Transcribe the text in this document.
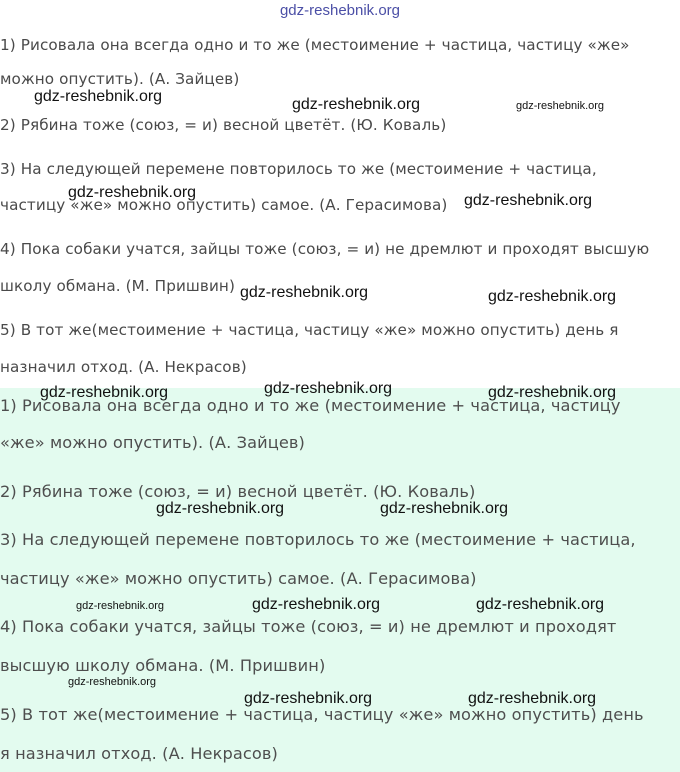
1) Рисовала она всегда одно и то же (местоимение + частица, частицу «же»
можно опустить). (А. Зайцев)
2) Рябина тоже (союз, = и) весной цветёт. (Ю. Коваль)
3) На следующей перемене повторилось то же (местоимение + частица,
частицу «же» можно опустить) самое. (А. Герасимова)
4) Пока собаки учатся, зайцы тоже (союз, = и) не дремлют и проходят высшую
школу обмана. (М. Пришвин)
5) В тот же(местоимение + частица, частицу «же» можно опустить) день я
назначил отход. (А. Некрасов)
1) Рисовала она всегда одно и то же (местоимение + частица, частицу
«же» можно опустить). (А. Зайцев)
2) Рябина тоже (союз, = и) весной цветёт. (Ю. Коваль)
3) На следующей перемене повторилось то же (местоимение + частица,
частицу «же» можно опустить) самое. (А. Герасимова)
4) Пока собаки учатся, зайцы тоже (союз, = и) не дремлют и проходят
высшую школу обмана. (М. Пришвин)
5) В тот же(местоимение + частица, частицу «же» можно опустить) день
я назначил отход. (А. Некрасов)
gdz-reshebnik.org
gdz-reshebnik.org	gdz-reshebnik.org	gdz-reshebnik.org
gdz-reshebnik.org	gdz-reshebnik.org
gdz-reshebnik.org	gdz-reshebnik.org
gdz-reshebnik.org	gdz-reshebnik.org	gdz-reshebnik.org
gdz-reshebnik.org	gdz-reshebnik.org
gdz-reshebnik.org	gdz-reshebnik.org	gdz-reshebnik.org
gdz-reshebnik.org
gdz-reshebnik.org	gdz-reshebnik.org
